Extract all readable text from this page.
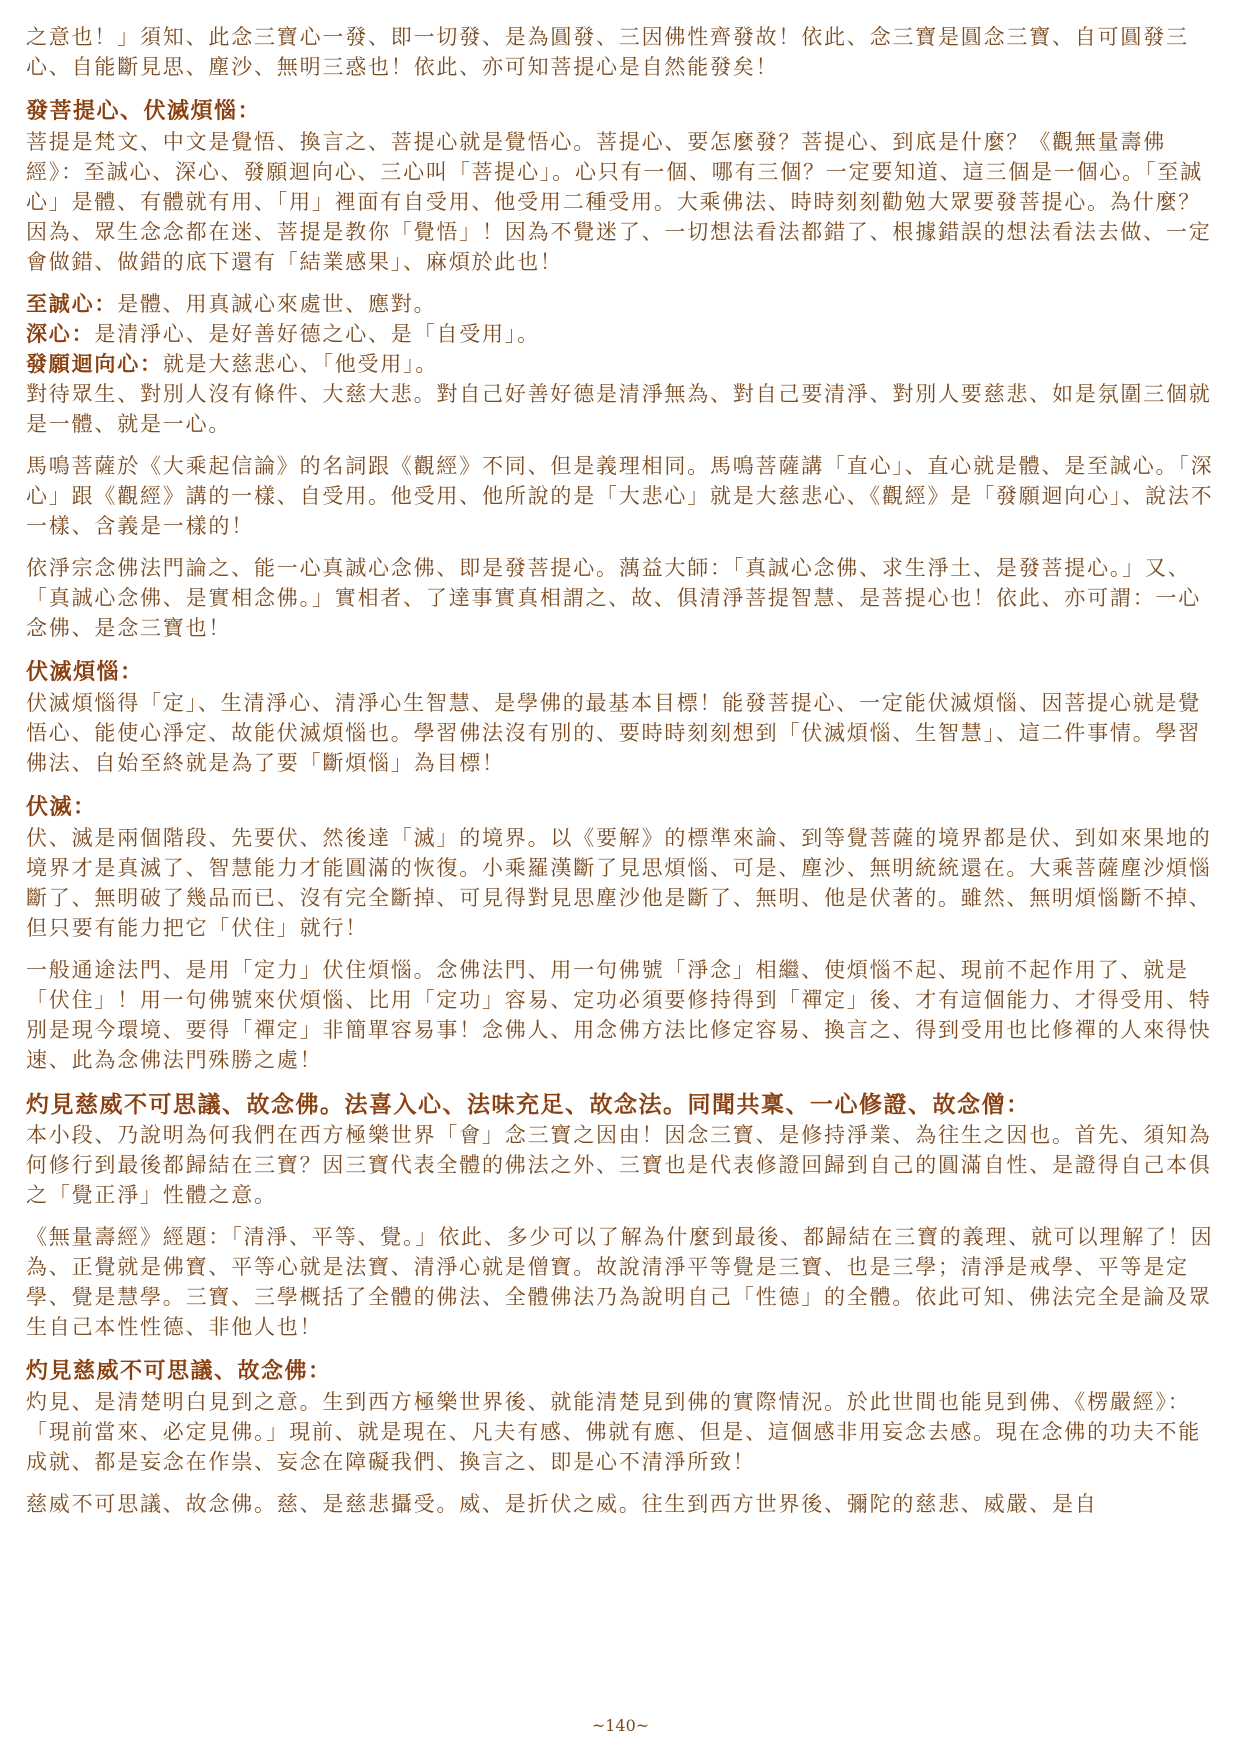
之意也！」須知、此念三寶心一發、即一切發、是為圓發、三因佛性齊發故！依此、念三寶是圓念三寶、自可圓發三心、自能斷見思、塵沙、無明三惑也！依此、亦可知菩提心是自然能發矣！

發菩提心、伏滅煩惱：

菩提是梵文、中文是覺悟、換言之、菩提心就是覺悟心。菩提心、要怎麼發？菩提心、到底是什麼？《觀無量壽佛經》：至誠心、深心、發願迴向心、三心叫「菩提心」。心只有一個、哪有三個？一定要知道、這三個是一個心。「至誠心」是體、有體就有用、「用」裡面有自受用、他受用二種受用。大乘佛法、時時刻刻勸勉大眾要發菩提心。為什麼？因為、眾生念念都在迷、菩提是教你「覺悟」！因為不覺迷了、一切想法看法都錯了、根據錯誤的想法看法去做、一定會做錯、做錯的底下還有「結業感果」、麻煩於此也！

至誠心：是體、用真誠心來處世、應對。

深心：是清淨心、是好善好德之心、是「自受用」。

發願迴向心：就是大慈悲心、「他受用」。

對待眾生、對別人沒有條件、大慈大悲。對自己好善好德是清淨無為、對自己要清淨、對別人要慈悲、如是氛圍三個就是一體、就是一心。

馬鳴菩薩於《大乘起信論》的名詞跟《觀經》不同、但是義理相同。馬鳴菩薩講「直心」、直心就是體、是至誠心。「深心」跟《觀經》講的一樣、自受用。他受用、他所說的是「大悲心」就是大慈悲心、《觀經》是「發願迴向心」、說法不一樣、含義是一樣的！

依淨宗念佛法門論之、能一心真誠心念佛、即是發菩提心。蕅益大師：「真誠心念佛、求生淨土、是發菩提心。」又、「真誠心念佛、是實相念佛。」實相者、了達事實真相謂之、故、俱清淨菩提智慧、是菩提心也！依此、亦可謂：一心念佛、是念三寶也！

伏滅煩惱：

伏滅煩惱得「定」、生清淨心、清淨心生智慧、是學佛的最基本目標！能發菩提心、一定能伏滅煩惱、因菩提心就是覺悟心、能使心淨定、故能伏滅煩惱也。學習佛法沒有別的、要時時刻刻想到「伏滅煩惱、生智慧」、這二件事情。學習佛法、自始至終就是為了要「斷煩惱」為目標！

伏滅：

伏、滅是兩個階段、先要伏、然後達「滅」的境界。以《要解》的標準來論、到等覺菩薩的境界都是伏、到如來果地的境界才是真滅了、智慧能力才能圓滿的恢復。小乘羅漢斷了見思煩惱、可是、塵沙、無明統統還在。大乘菩薩塵沙煩惱斷了、無明破了幾品而已、沒有完全斷掉、可見得對見思塵沙他是斷了、無明、他是伏著的。雖然、無明煩惱斷不掉、但只要有能力把它「伏住」就行！

一般通途法門、是用「定力」伏住煩惱。念佛法門、用一句佛號「淨念」相繼、使煩惱不起、現前不起作用了、就是「伏住」！用一句佛號來伏煩惱、比用「定功」容易、定功必須要修持得到「禪定」後、才有這個能力、才得受用、特別是現今環境、要得「禪定」非簡單容易事！念佛人、用念佛方法比修定容易、換言之、得到受用也比修禪的人來得快速、此為念佛法門殊勝之處！

灼見慈威不可思議、故念佛。法喜入心、法味充足、故念法。同聞共稟、一心修證、故念僧：

本小段、乃說明為何我們在西方極樂世界「會」念三寶之因由！因念三寶、是修持淨業、為往生之因也。首先、須知為何修行到最後都歸結在三寶？因三寶代表全體的佛法之外、三寶也是代表修證回歸到自己的圓滿自性、是證得自己本俱之「覺正淨」性體之意。

《無量壽經》經題：「清淨、平等、覺。」依此、多少可以了解為什麼到最後、都歸結在三寶的義理、就可以理解了！因為、正覺就是佛寶、平等心就是法寶、清淨心就是僧寶。故說清淨平等覺是三寶、也是三學；清淨是戒學、平等是定學、覺是慧學。三寶、三學概括了全體的佛法、全體佛法乃為說明自己「性德」的全體。依此可知、佛法完全是論及眾生自己本性性德、非他人也！

灼見慈威不可思議、故念佛：

灼見、是清楚明白見到之意。生到西方極樂世界後、就能清楚見到佛的實際情況。於此世間也能見到佛、《楞嚴經》：「現前當來、必定見佛。」現前、就是現在、凡夫有感、佛就有應、但是、這個感非用妄念去感。現在念佛的功夫不能成就、都是妄念在作祟、妄念在障礙我們、換言之、即是心不清淨所致！

慈威不可思議、故念佛。慈、是慈悲攝受。威、是折伏之威。往生到西方世界後、彌陀的慈悲、威嚴、是自

~140~
